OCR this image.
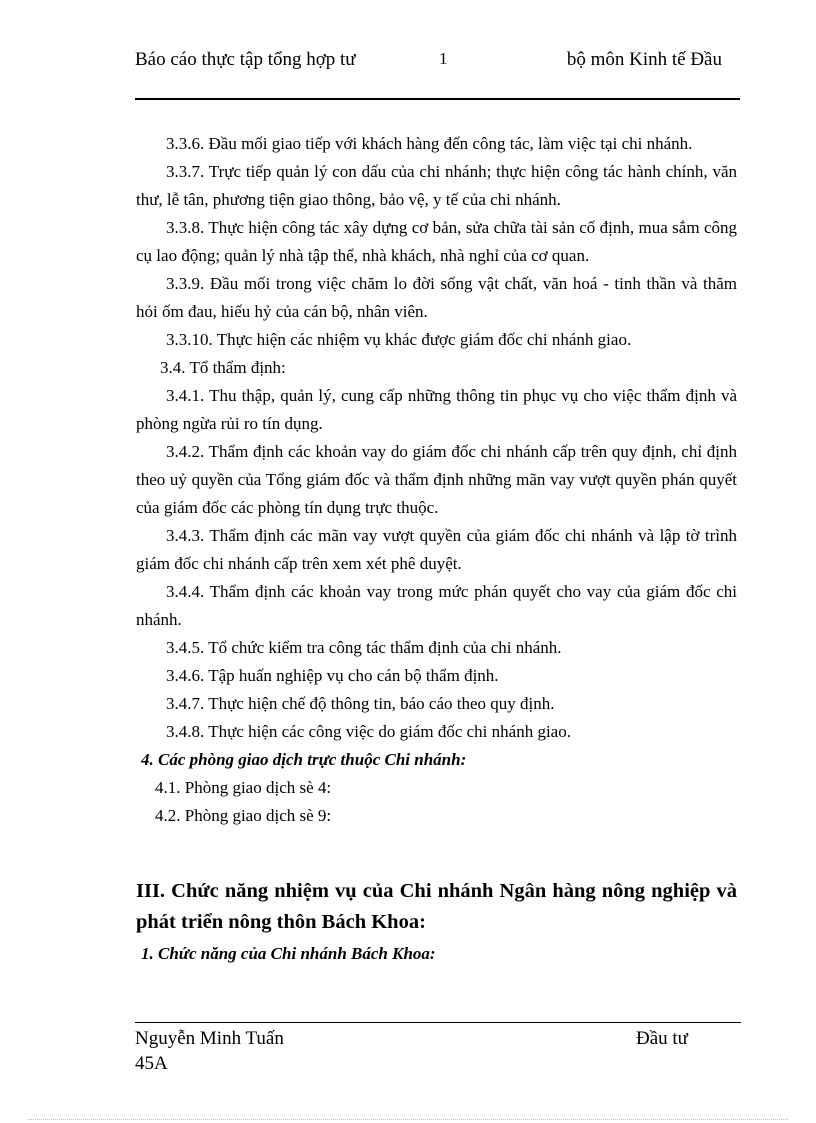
Báo cáo thực tập tổng hợp tư	1	bộ môn Kinh tế Đầu

3.3.6. Đầu mối giao tiếp với khách hàng đến công tác, làm việc tại chi nhánh.

3.3.7. Trực tiếp quản lý con dấu của chi nhánh; thực hiện công tác hành chính, văn thư, lễ tân, phương tiện giao thông, bảo vệ, y tế của chi nhánh.

3.3.8. Thực hiện công tác xây dựng cơ bản, sửa chữa tài sản cố định, mua sắm công cụ lao động; quản lý nhà tập thể, nhà khách, nhà nghỉ của cơ quan.

3.3.9. Đầu mối trong việc chăm lo đời sống vật chất, văn hoá - tinh thần và thăm hỏi ốm đau, hiếu hỷ của cán bộ, nhân viên.

3.3.10. Thực hiện các nhiệm vụ khác được giám đốc chi nhánh giao.

3.4. Tổ thẩm định:

3.4.1. Thu thập, quản lý, cung cấp những thông tin phục vụ cho việc thẩm định và phòng ngừa rủi ro tín dụng.

3.4.2. Thẩm định các khoản vay do giám đốc chi nhánh cấp trên quy định, chỉ định theo uỷ quyền của Tổng giám đốc và thẩm định những mãn vay vượt quyền phán quyết của giám đốc các phòng tín dụng trực thuộc.

3.4.3. Thẩm định các mãn vay vượt quyền của giám đốc chi nhánh và lập tờ trình giám đốc chi nhánh cấp trên xem xét phê duyệt.

3.4.4. Thẩm định các khoản vay trong mức phán quyết cho vay của giám đốc chi nhánh.

3.4.5. Tổ chức kiểm tra công tác thẩm định của chi nhánh.

3.4.6. Tập huấn nghiệp vụ cho cán bộ thẩm định.

3.4.7. Thực hiện chế độ thông tin, báo cáo theo quy định.

3.4.8. Thực hiện các công việc do giám đốc chi nhánh giao.

4. Các phòng giao dịch trực thuộc Chi nhánh:

4.1. Phòng giao dịch sè 4:

4.2. Phòng giao dịch sè 9:

III. Chức năng nhiệm vụ của Chi nhánh Ngân hàng nông nghiệp và phát triển nông thôn Bách Khoa:

1. Chức năng của Chi nhánh Bách Khoa:

Nguyễn Minh Tuấn
45A
Đầu tư
